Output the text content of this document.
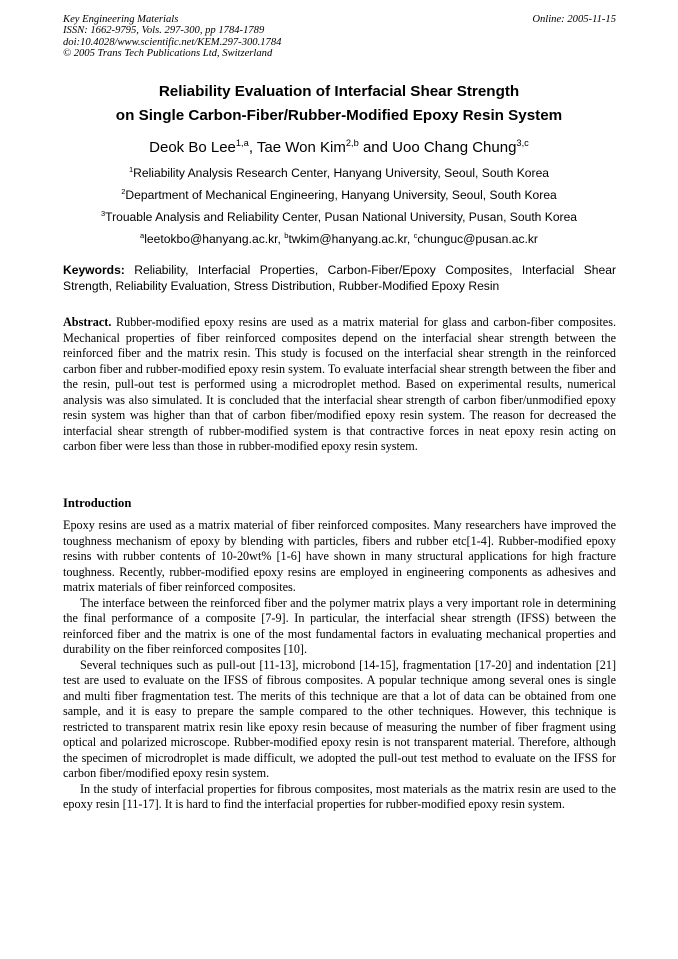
Key Engineering Materials
ISSN: 1662-9795, Vols. 297-300, pp 1784-1789
doi:10.4028/www.scientific.net/KEM.297-300.1784
© 2005 Trans Tech Publications Ltd, Switzerland
Online: 2005-11-15
Reliability Evaluation of Interfacial Shear Strength
on Single Carbon-Fiber/Rubber-Modified Epoxy Resin System
Deok Bo Lee$^{1,a}$, Tae Won Kim$^{2,b}$ and Uoo Chang Chung$^{3,c}$
$^1$Reliability Analysis Research Center, Hanyang University, Seoul, South Korea
$^2$Department of Mechanical Engineering, Hanyang University, Seoul, South Korea
$^3$Trouable Analysis and Reliability Center, Pusan National University, Pusan, South Korea
$^a$leetokbo@hanyang.ac.kr, $^b$twkim@hanyang.ac.kr, $^c$chunguc@pusan.ac.kr
Keywords: Reliability, Interfacial Properties, Carbon-Fiber/Epoxy Composites, Interfacial Shear Strength, Reliability Evaluation, Stress Distribution, Rubber-Modified Epoxy Resin
Abstract. Rubber-modified epoxy resins are used as a matrix material for glass and carbon-fiber composites. Mechanical properties of fiber reinforced composites depend on the interfacial shear strength between the reinforced fiber and the matrix resin. This study is focused on the interfacial shear strength in the reinforced carbon fiber and rubber-modified epoxy resin system. To evaluate interfacial shear strength between the fiber and the resin, pull-out test is performed using a microdroplet method. Based on experimental results, numerical analysis was also simulated. It is concluded that the interfacial shear strength of carbon fiber/unmodified epoxy resin system was higher than that of carbon fiber/modified epoxy resin system. The reason for decreased the interfacial shear strength of rubber-modified system is that contractive forces in neat epoxy resin acting on carbon fiber were less than those in rubber-modified epoxy resin system.
Introduction

Epoxy resins are used as a matrix material of fiber reinforced composites. Many researchers have improved the toughness mechanism of epoxy by blending with particles, fibers and rubber etc[1-4]. Rubber-modified epoxy resins with rubber contents of 10-20wt% [1-6] have shown in many structural applications for high fracture toughness. Recently, rubber-modified epoxy resins are employed in engineering components as adhesives and matrix materials of fiber reinforced composites.

The interface between the reinforced fiber and the polymer matrix plays a very important role in determining the final performance of a composite [7-9]. In particular, the interfacial shear strength (IFSS) between the reinforced fiber and the matrix is one of the most fundamental factors in evaluating mechanical properties and durability on the fiber reinforced composites [10].

Several techniques such as pull-out [11-13], microbond [14-15], fragmentation [17-20] and indentation [21] test are used to evaluate on the IFSS of fibrous composites. A popular technique among several ones is single and multi fiber fragmentation test. The merits of this technique are that a lot of data can be obtained from one sample, and it is easy to prepare the sample compared to the other techniques. However, this technique is restricted to transparent matrix resin like epoxy resin because of measuring the number of fiber fragment using optical and polarized microscope. Rubber-modified epoxy resin is not transparent material. Therefore, although the specimen of microdroplet is made difficult, we adopted the pull-out test method to evaluate on the IFSS for carbon fiber/modified epoxy resin system.

In the study of interfacial properties for fibrous composites, most materials as the matrix resin are used to the epoxy resin [11-17]. It is hard to find the interfacial properties for rubber-modified epoxy resin system.
